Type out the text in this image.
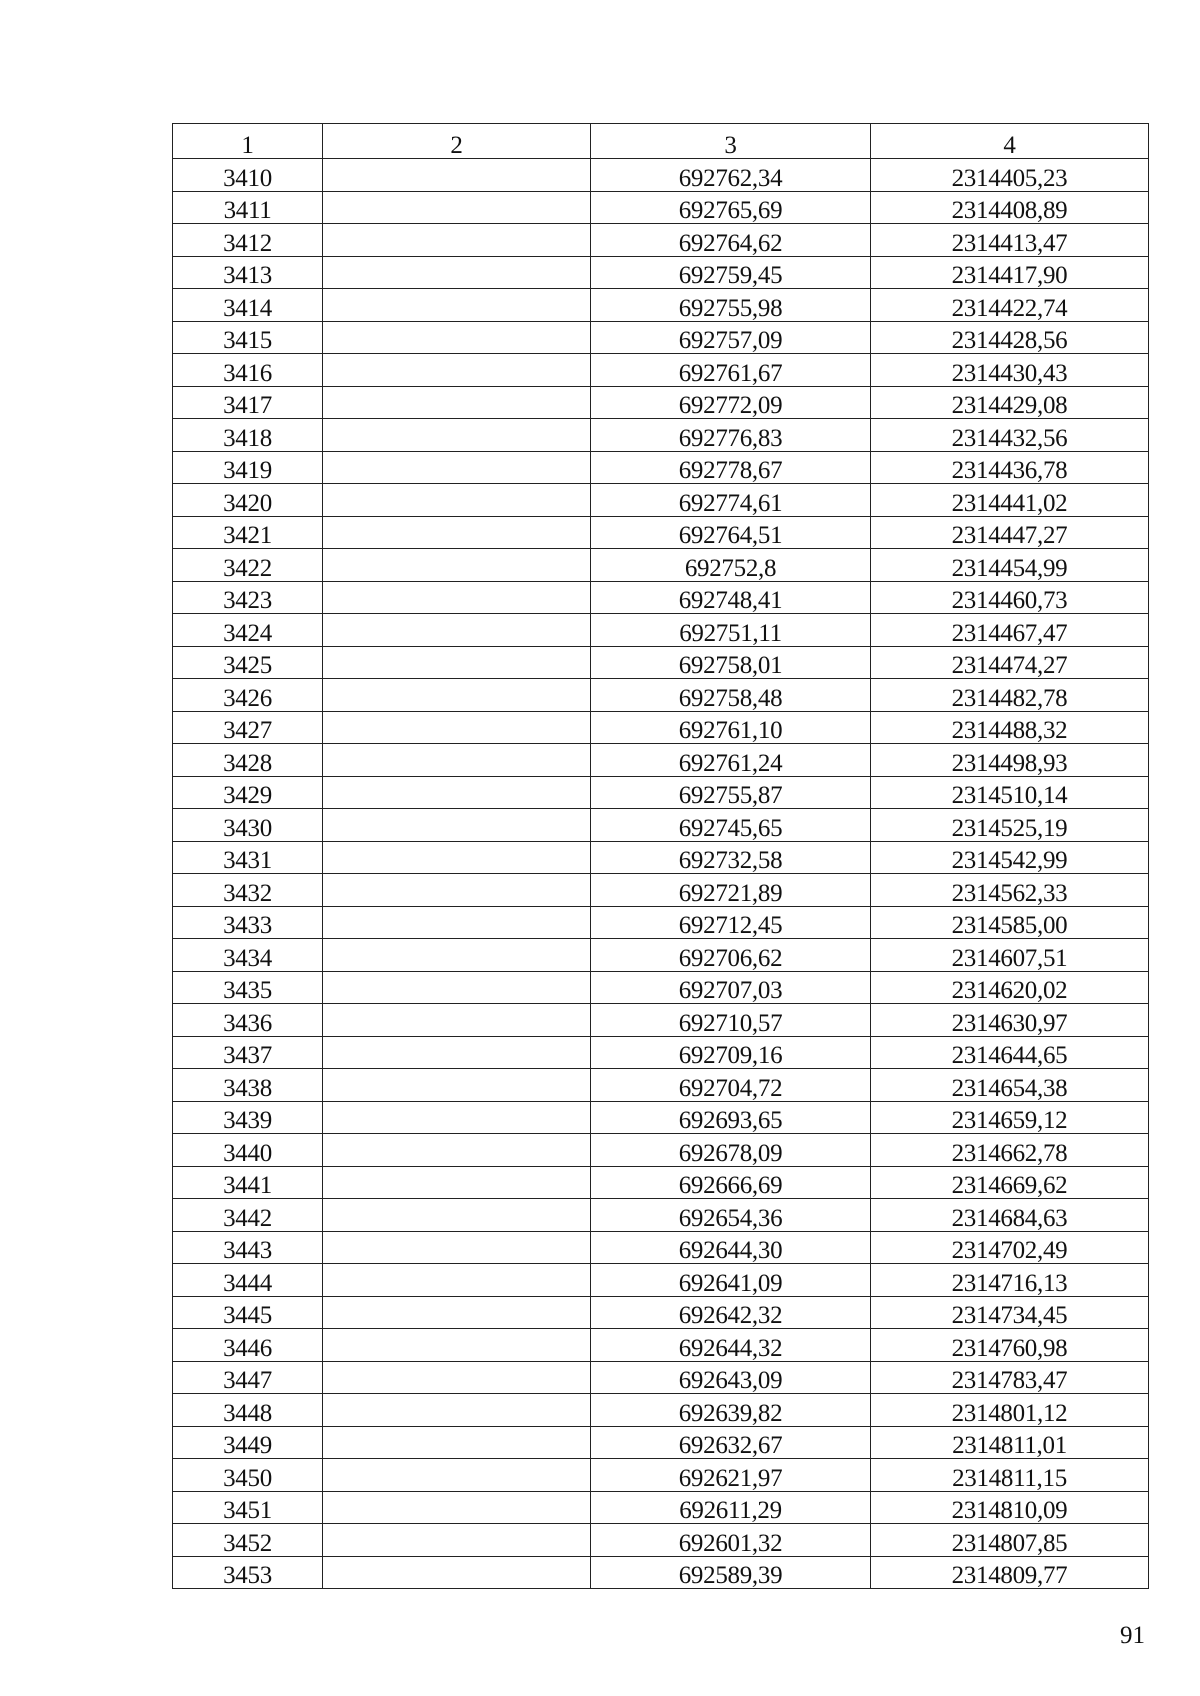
1	2	3	4
3410		692762,34	2314405,23
3411		692765,69	2314408,89
3412		692764,62	2314413,47
3413		692759,45	2314417,90
3414		692755,98	2314422,74
3415		692757,09	2314428,56
3416		692761,67	2314430,43
3417		692772,09	2314429,08
3418		692776,83	2314432,56
3419		692778,67	2314436,78
3420		692774,61	2314441,02
3421		692764,51	2314447,27
3422		692752,8	2314454,99
3423		692748,41	2314460,73
3424		692751,11	2314467,47
3425		692758,01	2314474,27
3426		692758,48	2314482,78
3427		692761,10	2314488,32
3428		692761,24	2314498,93
3429		692755,87	2314510,14
3430		692745,65	2314525,19
3431		692732,58	2314542,99
3432		692721,89	2314562,33
3433		692712,45	2314585,00
3434		692706,62	2314607,51
3435		692707,03	2314620,02
3436		692710,57	2314630,97
3437		692709,16	2314644,65
3438		692704,72	2314654,38
3439		692693,65	2314659,12
3440		692678,09	2314662,78
3441		692666,69	2314669,62
3442		692654,36	2314684,63
3443		692644,30	2314702,49
3444		692641,09	2314716,13
3445		692642,32	2314734,45
3446		692644,32	2314760,98
3447		692643,09	2314783,47
3448		692639,82	2314801,12
3449		692632,67	2314811,01
3450		692621,97	2314811,15
3451		692611,29	2314810,09
3452		692601,32	2314807,85
3453		692589,39	2314809,77
91
